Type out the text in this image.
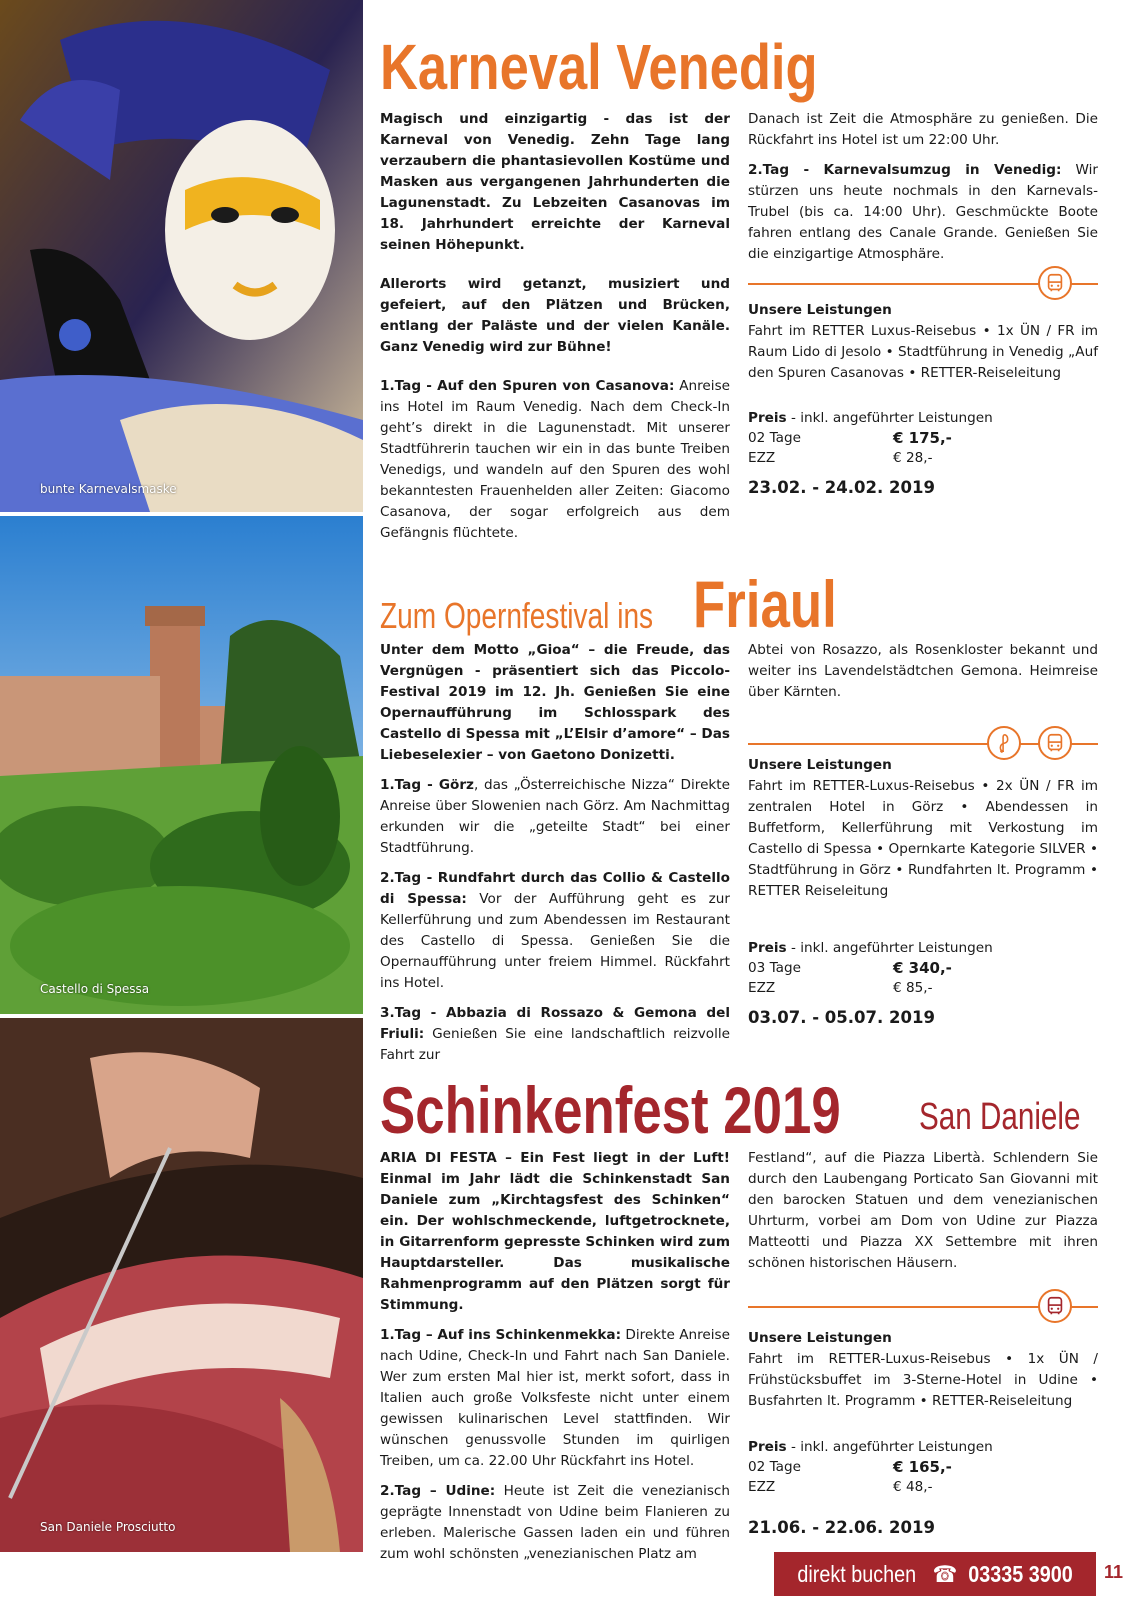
bunte Karnevalsmaske
Castello di Spessa
San Daniele Prosciutto
Karneval Venedig

Magisch und einzigartig - das ist der Karneval von Venedig. Zehn Tage lang verzaubern die phantasievollen Kostüme und Masken aus vergangenen Jahrhunderten die Lagunenstadt. Zu Lebzeiten Casanovas im 18. Jahrhundert erreichte der Karneval seinen Höhepunkt.

Allerorts wird getanzt, musiziert und gefeiert, auf den Plätzen und Brücken, entlang der Paläste und der vielen Kanäle. Ganz Venedig wird zur Bühne!

1.Tag - Auf den Spuren von Casanova: Anreise ins Hotel im Raum Venedig. Nach dem Check-In geht’s direkt in die Lagunenstadt. Mit unserer Stadtführerin tauchen wir ein in das bunte Treiben Venedigs, und wandeln auf den Spuren des wohl bekanntesten Frauenhelden aller Zeiten: Giacomo Casanova, der sogar erfolgreich aus dem Gefängnis flüchtete.

Danach ist Zeit die Atmosphäre zu genießen. Die Rückfahrt ins Hotel ist um 22:00 Uhr.

2.Tag - Karnevalsumzug in Venedig: Wir stürzen uns heute nochmals in den Karnevals-Trubel (bis ca. 14:00 Uhr). Geschmückte Boote fahren entlang des Canale Grande. Genießen Sie die einzigartige Atmosphäre.

Unsere Leistungen
Fahrt im RETTER Luxus-Reisebus • 1x ÜN / FR im Raum Lido di Jesolo • Stadtführung in Venedig „Auf den Spuren Casanovas • RETTER-Reiseleitung
Preis - inkl. angeführter Leistungen
02 Tage	€ 175,-
EZZ	€ 28,-
23.02. - 24.02. 2019
Zum Opernfestival ins Friaul

Unter dem Motto „Gioa“ – die Freude, das Vergnügen - präsentiert sich das Piccolo-Festival 2019 im 12. Jh. Genießen Sie eine Opernaufführung im Schlosspark des Castello di Spessa mit „L’Elsir d’amore“ – Das Liebeselexier – von Gaetono Donizetti.

1.Tag - Görz, das „Österreichische Nizza“ Direkte Anreise über Slowenien nach Görz. Am Nachmittag erkunden wir die „geteilte Stadt“ bei einer Stadtführung.

2.Tag - Rundfahrt durch das Collio & Castello di Spessa: Vor der Aufführung geht es zur Kellerführung und zum Abendessen im Restaurant des Castello di Spessa. Genießen Sie die Opernaufführung unter freiem Himmel. Rückfahrt ins Hotel.

3.Tag - Abbazia di Rossazo & Gemona del Friuli: Genießen Sie eine landschaftlich reizvolle Fahrt zur

Abtei von Rosazzo, als Rosenkloster bekannt und weiter ins Lavendelstädtchen Gemona. Heimreise über Kärnten.

Unsere Leistungen
Fahrt im RETTER-Luxus-Reisebus • 2x ÜN / FR im zentralen Hotel in Görz • Abendessen in Buffetform, Kellerführung mit Verkostung im Castello di Spessa • Opernkarte Kategorie SILVER • Stadtführung in Görz • Rundfahrten lt. Programm • RETTER Reiseleitung
Preis - inkl. angeführter Leistungen
03 Tage	€ 340,-
EZZ	€ 85,-
03.07. - 05.07. 2019
Schinkenfest 2019 San Daniele

ARIA DI FESTA – Ein Fest liegt in der Luft! Einmal im Jahr lädt die Schinkenstadt San Daniele zum „Kirchtagsfest des Schinken“ ein. Der wohlschmeckende, luftgetrocknete, in Gitarrenform gepresste Schinken wird zum Hauptdarsteller. Das musikalische Rahmenprogramm auf den Plätzen sorgt für Stimmung.

1.Tag – Auf ins Schinkenmekka: Direkte Anreise nach Udine, Check-In und Fahrt nach San Daniele. Wer zum ersten Mal hier ist, merkt sofort, dass in Italien auch große Volksfeste nicht unter einem gewissen kulinarischen Level stattfinden. Wir wünschen genussvolle Stunden im quirligen Treiben, um ca. 22.00 Uhr Rückfahrt ins Hotel.

2.Tag – Udine: Heute ist Zeit die venezianisch geprägte Innenstadt von Udine beim Flanieren zu erleben. Malerische Gassen laden ein und führen zum wohl schönsten „venezianischen Platz am

Festland“, auf die Piazza Libertà. Schlendern Sie durch den Laubengang Porticato San Giovanni mit den barocken Statuen und dem venezianischen Uhrturm, vorbei am Dom von Udine zur Piazza Matteotti und Piazza XX Settembre mit ihren schönen historischen Häusern.

Unsere Leistungen
Fahrt im RETTER-Luxus-Reisebus • 1x ÜN / Frühstücksbuffet im 3-Sterne-Hotel in Udine • Busfahrten lt. Programm • RETTER-Reiseleitung
Preis - inkl. angeführter Leistungen
02 Tage	€ 165,-
EZZ	€ 48,-
21.06. - 22.06. 2019
direkt buchen   ☎  03335 3900 11
